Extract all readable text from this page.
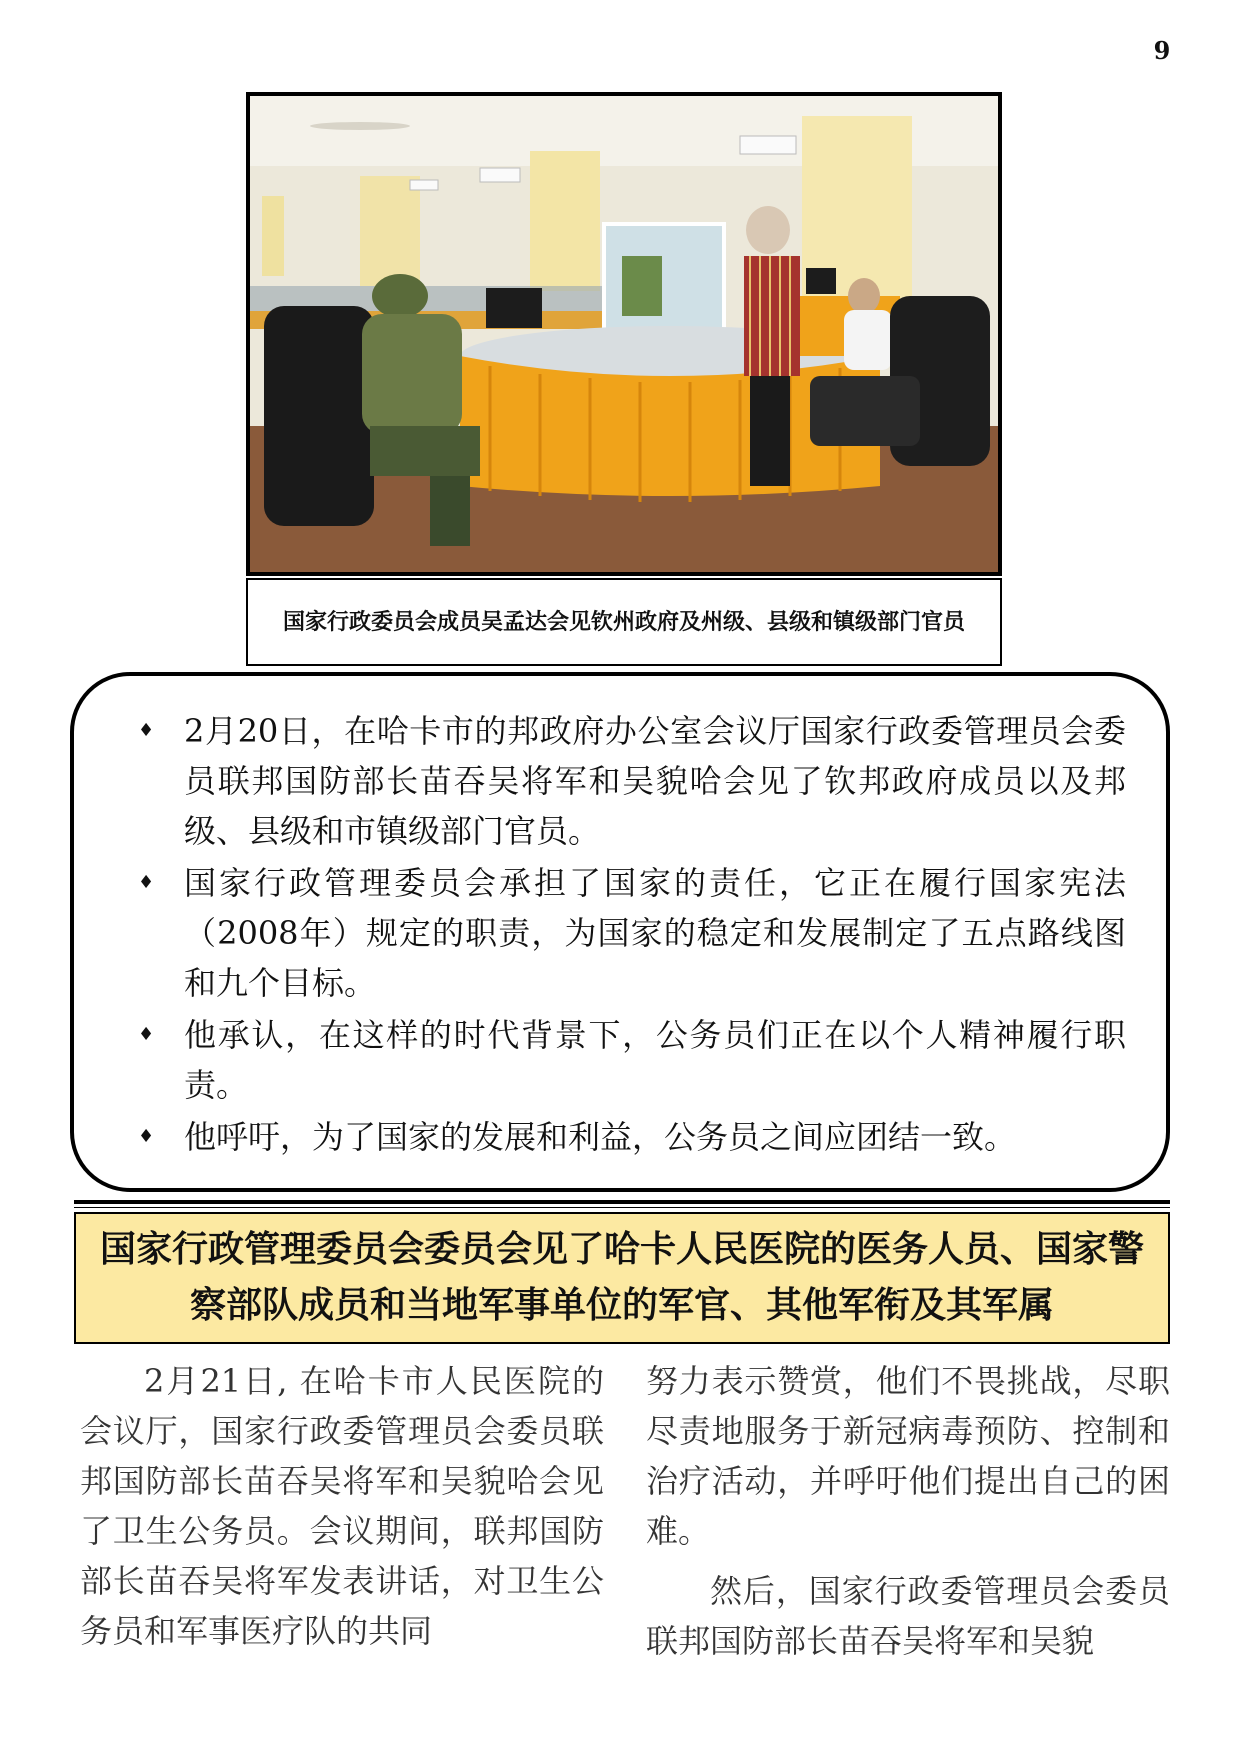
9
国家行政委员会成员吴孟达会见钦州政府及州级、县级和镇级部门官员
♦ 2月20日，在哈卡市的邦政府办公室会议厅国家行政委管理员会委员联邦国防部长苗吞吴将军和吴貌哈会见了钦邦政府成员以及邦级、县级和市镇级部门官员。
♦ 国家行政管理委员会承担了国家的责任，它正在履行国家宪法（2008年）规定的职责，为国家的稳定和发展制定了五点路线图和九个目标。
♦ 他承认，在这样的时代背景下，公务员们正在以个人精神履行职责。
♦ 他呼吁，为了国家的发展和利益，公务员之间应团结一致。
国家行政管理委员会委员会见了哈卡人民医院的医务人员、国家警察部队成员和当地军事单位的军官、其他军衔及其军属

2月21日, 在哈卡市人民医院的会议厅，国家行政委管理员会委员联邦国防部长苗吞吴将军和吴貌哈会见了卫生公务员。会议期间，联邦国防部长苗吞吴将军发表讲话，对卫生公务员和军事医疗队的共同

努力表示赞赏，他们不畏挑战，尽职尽责地服务于新冠病毒预防、控制和治疗活动，并呼吁他们提出自己的困难。

然后，国家行政委管理员会委员联邦国防部长苗吞吴将军和吴貌
